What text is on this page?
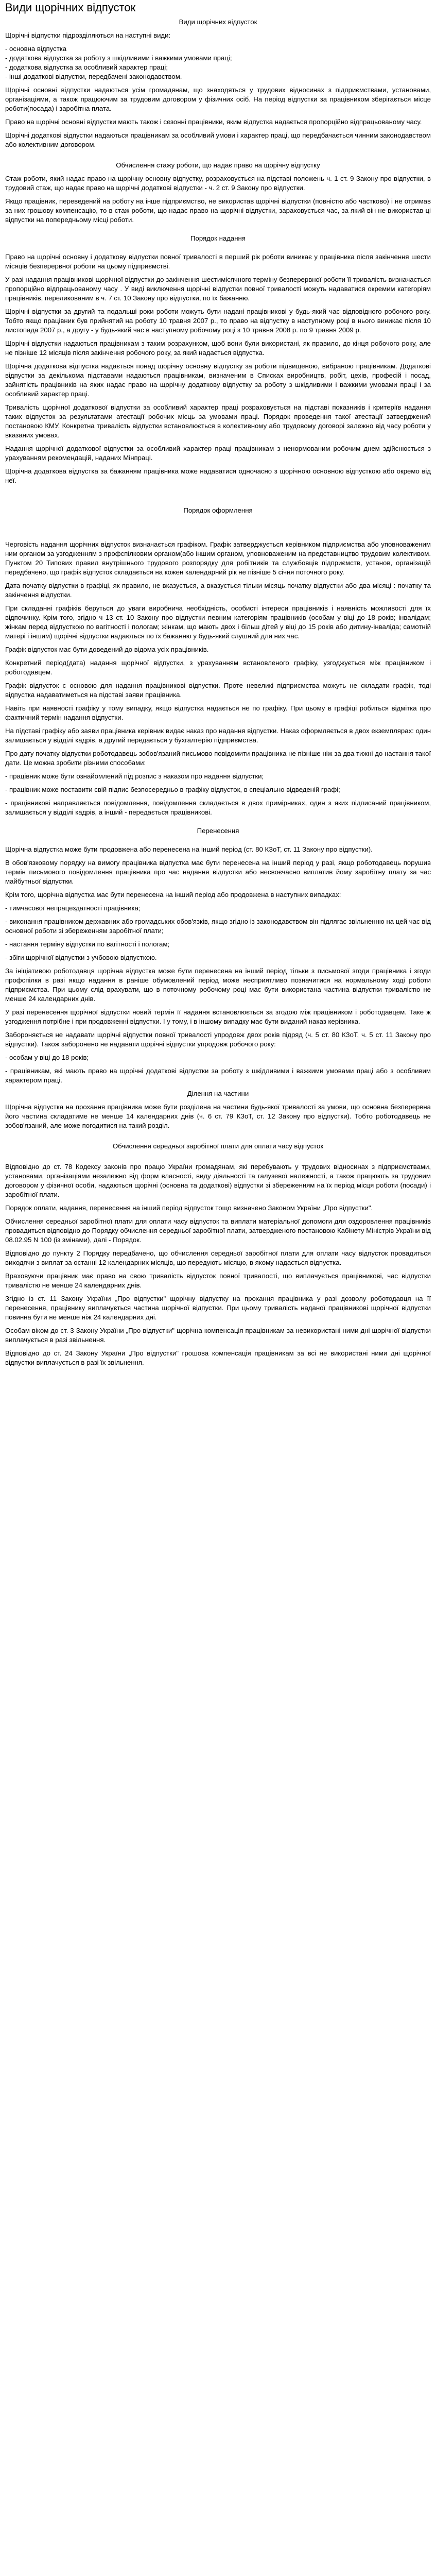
Види щорічних відпусток

Види щорічних відпусток

Щорічні відпустки підрозділяються на наступні види:

- основна відпустка
- додаткова відпустка за роботу з шкідливими і важкими умовами праці;
- додаткова відпустка за особливий характер праці;
- інші додаткові відпустки, передбачені законодавством.

Щорічні основні відпустки надаються усім громадянам, що знаходяться у трудових відносинах з підприємствами, установами, організаціями, а також працюючим за трудовим договором у фізичних осіб. На період відпустки за працівником зберігається місце роботи(посада) і заробітна плата.

Право на щорічні основні відпустки мають також і сезонні працівники, яким відпустка надається пропорційно відпрацьованому часу.

Щорічні додаткові відпустки надаються працівникам за особливий умови і характер праці, що передбачається чинним законодавством або колективним договором.

Обчислення стажу роботи, що надає право на щорічну відпустку

Стаж роботи, який надає право на щорічну основну відпустку, розраховується на підставі положень ч. 1 ст. 9 Закону про відпустки, в трудовий стаж, що надає право на щорічні додаткові відпустки - ч. 2 ст. 9 Закону про відпустки.

Якщо працівник, переведений на роботу на інше підприємство, не використав щорічні відпустки (повністю або частково) і не отримав за них грошову компенсацію, то в стаж роботи, що надає право на щорічні відпустки, зараховується час, за який він не використав ці відпустки на попередньому місці роботи.

Порядок надання

Право на щорічні основну і додаткову відпустки повної тривалості в перший рік роботи виникає у працівника після закінчення шести місяців безперервної роботи на цьому підприємстві.

У разі надання працівникові щорічної відпустки до закінчення шестимісячного терміну безперервної роботи її тривалість визначається пропорційно відпрацьованому часу . У виді виключення щорічні відпустки повної тривалості можуть надаватися окремим категоріям працівників, переликованим в ч. 7 ст. 10 Закону про відпустки, по їх бажанню.

Щорічні відпустки за другий та подальші роки роботи можуть бути надані працівникові у будь-який час відповідного робочого року. Тобто якщо працівник був прийнятий на роботу 10 травня 2007 р., то право на відпустку в наступному році в нього виникає після 10 листопада 2007 р., а другу - у будь-який час в наступному робочому році з 10 травня 2008 р. по 9 травня 2009 р.

Щорічні відпустки надаються працівникам з таким розрахунком, щоб вони були використані, як правило, до кінця робочого року, але не пізніше 12 місяців після закінчення робочого року, за який надається відпустка.

Щорічна додаткова відпустка надається понад щорічну основну відпустку за роботи підвищеною, вибраною працівникам. Додаткові відпустки за декількома підставами надаються працівникам, визначеним в Списках виробництв, робіт, цехів, професій і посад, зайнятість працівників на яких надає право на щорічну додаткову відпустку за роботу з шкідливими і важкими умовами праці і за особливий характер праці.

Тривалість щорічної додаткової відпустки за особливий характер праці розраховується на підставі показників і критеріїв надання таких відпусток за результатами атестації робочих місць за умовами праці. Порядок проведення такої атестації затверджений постановою КМУ. Конкретна тривалість відпустки встановлюється в колективному або трудовому договорі залежно від часу роботи у вказаних умовах.

Надання щорічної додаткової відпустки за особливий характер праці працівникам з ненормованим робочим днем здійснюється з урахуванням рекомендацій, наданих Мінпраці.

Щорічна додаткова відпустка за бажанням працівника може надаватися одночасно з щорічною основною відпусткою або окремо від неї.

Порядок оформлення

Черговість надання щорічних відпусток визначається графіком. Графік затверджується керівником підприємства або уповноваженим ним органом за узгодженням з профспілковим органом(або іншим органом, уповноваженим на представництво трудовим колективом. Пунктом 20 Типових правил внутрішнього трудового розпорядку для робітників та службовців підприємств, установ, організацій передбачено, що графік відпусток складається на кожен календарний рік не пізніше 5 січня поточного року.

Дата початку відпустки в графіці, як правило, не вказується, а вказується тільки місяць початку відпустки або два місяці : початку та закінчення відпустки.

При складанні графіків беруться до уваги виробнича необхідність, особисті інтереси працівників і наявність можливості для їх відпочинку. Крім того, згідно ч 13 ст. 10 Закону про відпустки певним категоріям працівників (особам у віці до 18 років; інвалідам; жінкам перед відпусткою по вагітності і пологам; жінкам, що мають двох і більш дітей у віці до 15 років або дитину-інваліда; самотній матері і іншим) щорічні відпустки надаються по їх бажанню у будь-який слушний для них час.

Графік відпусток має бути доведений до відома усіх працівників.

Конкретний період(дата) надання щорічної відпустки, з урахуванням встановленого графіку, узгоджується між працівником і роботодавцем.

Графік відпусток є основою для надання працівникові відпустки. Проте невеликі підприємства можуть не складати графік, тоді відпустка надаватиметься на підставі заяви працівника.

Навіть при наявності графіку у тому випадку, якщо відпустка надається не по графіку. При цьому в графіці робиться відмітка про фактичний термін надання відпустки.

На підставі графіку або заяви працівника керівник видає наказ про надання відпустки. Наказ оформляється в двох екземплярах: один залишається у відділі кадрів, а другий передається у бухгалтерію підприємства.

Про дату початку відпустки роботодавець зобов'язаний письмово повідомити працівника не пізніше ніж за два тижні до настання такої дати. Це можна зробити різними способами:

- працівник може бути ознайомлений під розпис з наказом про надання відпустки;

- працівник може поставити свій підпис безпосередньо в графіку відпусток, в спеціально відведеній графі;

- працівникові направляється повідомлення, повідомлення складається в двох примірниках, один з яких підписаний працівником, залишається у відділі кадрів, а інший - передається працівникові.

Перенесення

Щорічна відпустка може бути продовжена або перенесена на інший період (ст. 80 КЗоТ, ст. 11 Закону про відпустки).

В обов'язковому порядку на вимогу працівника відпустка має бути перенесена на інший період у разі, якщо роботодавець порушив термін письмового повідомлення працівника про час надання відпустки або несвоєчасно виплатив йому заробітну плату за час майбутньої відпустки.

Крім того, щорічна відпустка має бути перенесена на інший період або продовжена в наступних випадках:

- тимчасової непрацездатності працівника;

- виконання працівником державних або громадських обов'язків, якщо згідно із законодавством він підлягає звільненню на цей час від основної роботи зі збереженням заробітної плати;

- настання терміну відпустки по вагітності і пологам;

- збіги щорічної відпустки з учбовою відпусткою.

За ініціативою роботодавця щорічна відпустка може бути перенесена на інший період тільки з письмової згоди працівника і згоди профспілки в разі якщо надання в раніше обумовлений період може несприятливо позначитися на нормальному ході роботи підприємства. При цьому слід врахувати, що в поточному робочому році має бути використана частина відпустки тривалістю не менше 24 календарних днів.

У разі перенесення щорічної відпустки новий термін її надання встановлюється за згодою між працівником і роботодавцем. Таке ж узгодження потрібне і при продовженні відпустки. І у тому, і в іншому випадку має бути виданий наказ керівника.

Забороняється не надавати щорічні відпустки повної тривалості упродовж двох років підряд (ч. 5 ст. 80 КЗоТ, ч. 5 ст. 11 Закону про відпустки). Також заборонено не надавати щорічні відпустки упродовж робочого року:

- особам у віці до 18 років;

- працівникам, які мають право на щорічні додаткові відпустки за роботу з шкідливими і важкими умовами праці або з особливим характером праці.

Ділення на частини

Щорічна відпустка на прохання працівника може бути розділена на частини будь-якої тривалості за умови, що основна безперервна його частина складатиме не менше 14 календарних днів (ч. 6 ст. 79 КЗоТ, ст. 12 Закону про відпустки). Тобто роботодавець не зобов'язаний, але може погодитися на такий розділ.

Обчислення середньої заробітної плати для оплати часу відпусток

Відповідно до ст. 78 Кодексу законів про працю України громадянам, які перебувають у трудових відносинах з підприємствами, установами, організаціями незалежно від форм власності, виду діяльності та галузевої належності, а також працюють за трудовим договором у фізичної особи, надаються щорічні (основна та додаткові) відпустки зі збереженням на їх період місця роботи (посади) і заробітної плати.

Порядок оплати, надання, перенесення на інший період відпусток тощо визначено Законом України „Про відпустки".

Обчислення середньої заробітної плати для оплати часу відпусток та виплати матеріальної допомоги для оздоровлення працівників провадиться відповідно до Порядку обчислення середньої заробітної плати, затвердженого постановою Кабінету Міністрів України від 08.02.95 N 100 (із змінами), далі - Порядок.

Відповідно до пункту 2 Порядку передбачено, що обчислення середньої заробітної плати для оплати часу відпусток провадиться виходячи з виплат за останні 12 календарних місяців, що передують місяцю, в якому надається відпустка.

Враховуючи працівник має право на свою тривалість відпусток повної тривалості, що виплачується працівникові, час відпустки тривалістю не менше 24 календарних днів.

Згідно із ст. 11 Закону України „Про відпустки" щорічну відпустку на прохання працівника у разі дозволу роботодавця на її перенесення, працівнику виплачується частина щорічної відпустки. При цьому тривалість наданої працівникові щорічної відпустки повинна бути не менше ніж 24 календарних дні.

Особам віком до ст. 3 Закону України „Про відпустки" щорічна компенсація працівникам за невикористані ними дні щорічної відпустки виплачується в разі звільнення.

Відповідно до ст. 24 Закону України „Про відпустки" грошова компенсація працівникам за всі не використані ними дні щорічної відпустки виплачується в разі їх звільнення.
